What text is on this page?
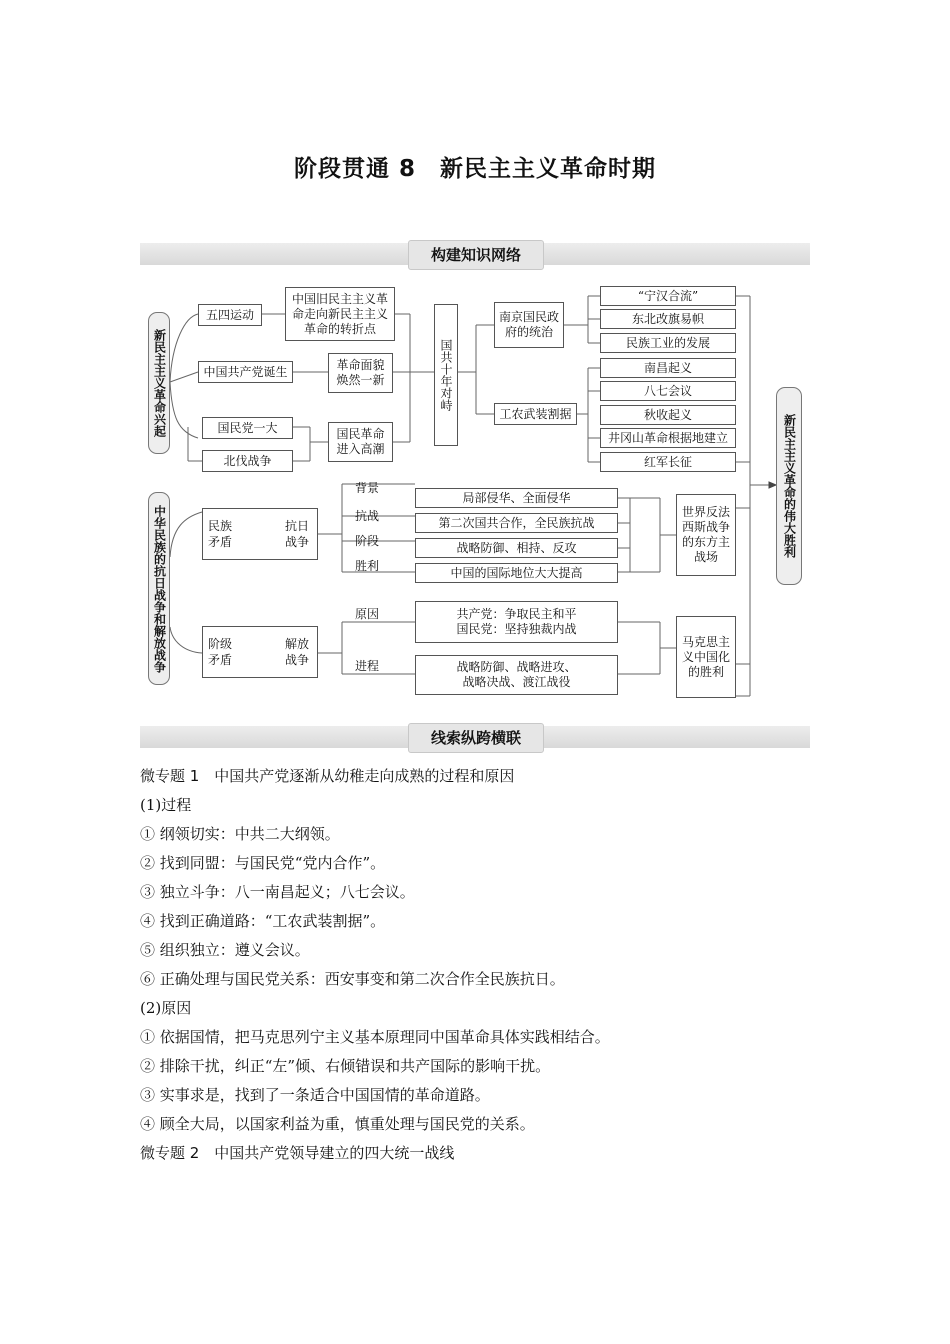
阶段贯通 8　新民主主义革命时期
构建知识网络
新民主主义革命兴起
中华民族的抗日战争和解放战争
新民主主义革命的伟大胜利
五四运动
中国旧民主主义革命走向新民主主义革命的转折点
中国共产党诞生	革命面貌焕然一新
国民党一大
北伐战争
国民革命进入高潮
国共十年对峙
南京国民政府的统治
工农武装割据
“宁汉合流”
东北改旗易帜
民族工业的发展
南昌起义
八七会议
秋收起义
井冈山革命根据地建立
红军长征
民族矛盾
抗日战争
背景
抗战
阶段
胜利
局部侵华、全面侵华
第二次国共合作，全民族抗战
战略防御、相持、反攻
中国的国际地位大大提高
世界反法西斯战争的东方主战场
阶级矛盾
解放战争
原因
进程
共产党：争取民主和平
国民党：坚持独裁内战
战略防御、战略进攻、
战略决战、渡江战役
马克思主义中国化的胜利
线索纵跨横联

微专题 1　中国共产党逐渐从幼稚走向成熟的过程和原因

(1)过程

① 纲领切实：中共二大纲领。

② 找到同盟：与国民党“党内合作”。

③ 独立斗争：八一南昌起义；八七会议。

④ 找到正确道路：“工农武装割据”。

⑤ 组织独立：遵义会议。

⑥ 正确处理与国民党关系：西安事变和第二次合作全民族抗日。

(2)原因

① 依据国情，把马克思列宁主义基本原理同中国革命具体实践相结合。

② 排除干扰，纠正“左”倾、右倾错误和共产国际的影响干扰。

③ 实事求是，找到了一条适合中国国情的革命道路。

④ 顾全大局，以国家利益为重，慎重处理与国民党的关系。

微专题 2　中国共产党领导建立的四大统一战线
